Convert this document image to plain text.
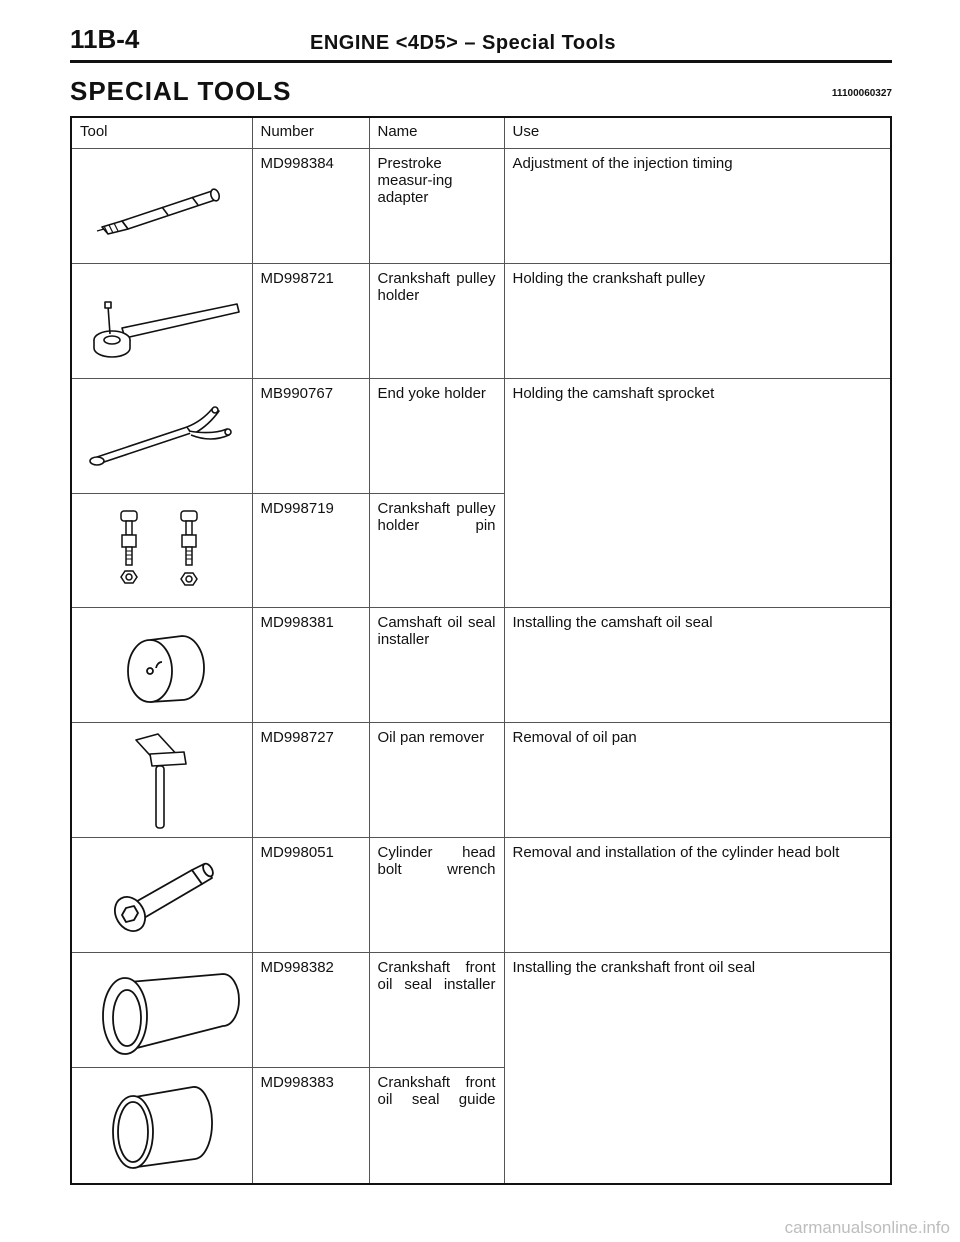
11B-4	ENGINE <4D5> – Special Tools
SPECIAL TOOLS	11100060327
Tool	Number	Name	Use

	MD998384	Prestroke measur-ing adapter	Adjustment of the injection timing

	MD998721	Crankshaft pulley holder	Holding the crankshaft pulley

	MB990767	End yoke holder	Holding the camshaft sprocket

	MD998719	Crankshaft pulley holder pin	

	MD998381	Camshaft oil seal installer	Installing the camshaft oil seal

	MD998727	Oil pan remover	Removal of oil pan

	MD998051	Cylinder head bolt wrench	Removal and installation of the cylinder head bolt

	MD998382	Crankshaft front oil seal installer	Installing the crankshaft front oil seal

	MD998383	Crankshaft front oil seal guide	
carmanualsonline.info
